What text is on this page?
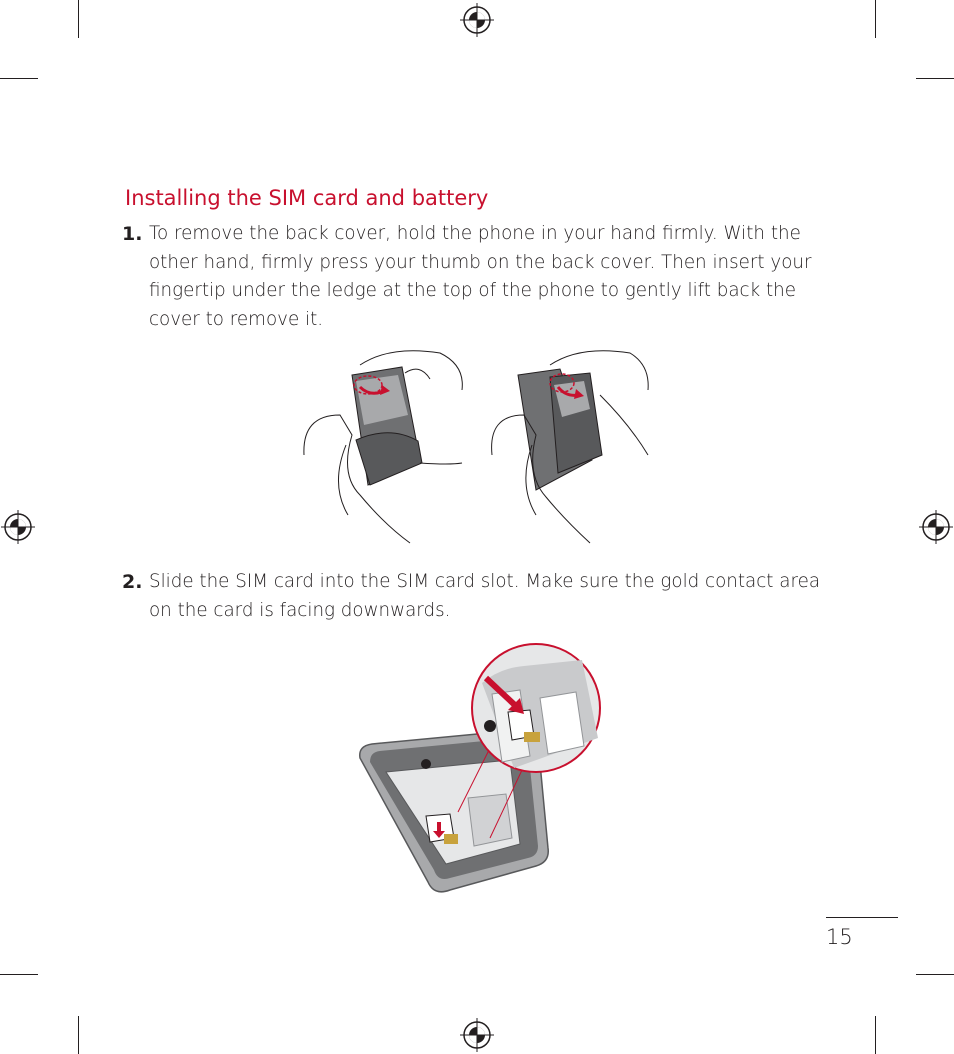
Installing the SIM card and battery
1. To remove the back cover, hold the phone in your hand firmly. With the other hand, firmly press your thumb on the back cover. Then insert your fingertip under the ledge at the top of the phone to gently lift back the cover to remove it.
2. Slide the SIM card into the SIM card slot. Make sure the gold contact area on the card is facing downwards.
15
